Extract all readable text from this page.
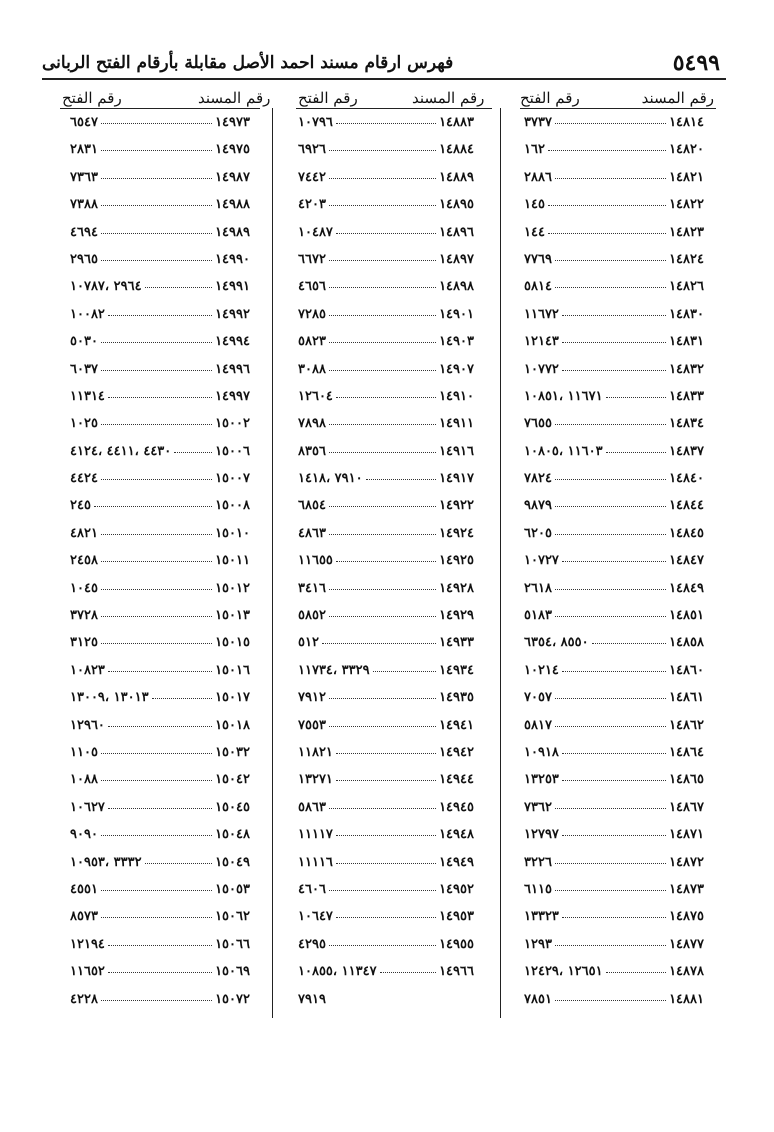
٥٤٩٩
فهرس ارقام مسند احمد الأصل مقابلة بأرقام الفتح الربانى
رقم المسند
رقم الفتح
رقم المسند
رقم الفتح
رقم المسند
رقم الفتح
٣٧٣٧	١٤٨١٤
١٦٢	١٤٨٢٠
٢٨٨٦	١٤٨٢١
١٤٥	١٤٨٢٢
١٤٤	١٤٨٢٣
٧٧٦٩	١٤٨٢٤
٥٨١٤	١٤٨٢٦
١١٦٧٢	١٤٨٣٠
١٢١٤٣	١٤٨٣١
١٠٧٧٢	١٤٨٣٢
١١٦٧١ ،١٠٨٥١	١٤٨٣٣
٧٦٥٥	١٤٨٣٤
١١٦٠٣ ،١٠٨٠٥	١٤٨٣٧
٧٨٢٤	١٤٨٤٠
٩٨٧٩	١٤٨٤٤
٦٢٠٥	١٤٨٤٥
١٠٧٢٧	١٤٨٤٧
٢٦١٨	١٤٨٤٩
٥١٨٣	١٤٨٥١
٨٥٥٠ ،٦٣٥٤	١٤٨٥٨
١٠٢١٤	١٤٨٦٠
٧٠٥٧	١٤٨٦١
٥٨١٧	١٤٨٦٢
١٠٩١٨	١٤٨٦٤
١٣٢٥٣	١٤٨٦٥
٧٣٦٢	١٤٨٦٧
١٢٧٩٧	١٤٨٧١
٣٢٢٦	١٤٨٧٢
٦١١٥	١٤٨٧٣
١٣٣٢٣	١٤٨٧٥
١٢٩٣	١٤٨٧٧
١٢٦٥١ ،١٢٤٢٩	١٤٨٧٨
٧٨٥١	١٤٨٨١
١٠٧٩٦	١٤٨٨٣
٦٩٢٦	١٤٨٨٤
٧٤٤٢	١٤٨٨٩
٤٢٠٣	١٤٨٩٥
١٠٤٨٧	١٤٨٩٦
٦٦٧٢	١٤٨٩٧
٤٦٥٦	١٤٨٩٨
٧٢٨٥	١٤٩٠١
٥٨٢٣	١٤٩٠٣
٣٠٨٨	١٤٩٠٧
١٢٦٠٤	١٤٩١٠
٧٨٩٨	١٤٩١١
٨٣٥٦	١٤٩١٦
٧٩١٠ ،١٤١٨	١٤٩١٧
٦٨٥٤	١٤٩٢٢
٤٨٦٣	١٤٩٢٤
١١٦٥٥	١٤٩٢٥
٣٤١٦	١٤٩٢٨
٥٨٥٢	١٤٩٢٩
٥١٢	١٤٩٣٣
٣٣٢٩ ،١١٧٣٤	١٤٩٣٤
٧٩١٢	١٤٩٣٥
٧٥٥٣	١٤٩٤١
١١٨٢١	١٤٩٤٢
١٣٢٧١	١٤٩٤٤
٥٨٦٣	١٤٩٤٥
١١١١٧	١٤٩٤٨
١١١١٦	١٤٩٤٩
٤٦٠٦	١٤٩٥٢
١٠٦٤٧	١٤٩٥٣
٤٢٩٥	١٤٩٥٥
١١٣٤٧ ،١٠٨٥٥	١٤٩٦٦
٧٩١٩
٦٥٤٧	١٤٩٧٣
٢٨٣١	١٤٩٧٥
٧٣٦٣	١٤٩٨٧
٧٣٨٨	١٤٩٨٨
٤٦٩٤	١٤٩٨٩
٢٩٦٥	١٤٩٩٠
٢٩٦٤ ،١٠٧٨٧	١٤٩٩١
١٠٠٨٢	١٤٩٩٢
٥٠٣٠	١٤٩٩٤
٦٠٣٧	١٤٩٩٦
١١٣١٤	١٤٩٩٧
١٠٢٥	١٥٠٠٢
٤٤٣٠ ،٤٤١١ ،٤١٢٤	١٥٠٠٦
٤٤٢٤	١٥٠٠٧
٢٤٥	١٥٠٠٨
٤٨٢١	١٥٠١٠
٢٤٥٨	١٥٠١١
١٠٤٥	١٥٠١٢
٣٧٢٨	١٥٠١٣
٣١٢٥	١٥٠١٥
١٠٨٢٣	١٥٠١٦
١٣٠١٣ ،١٣٠٠٩	١٥٠١٧
١٢٩٦٠	١٥٠١٨
١١٠٥	١٥٠٣٢
١٠٨٨	١٥٠٤٢
١٠٦٢٧	١٥٠٤٥
٩٠٩٠	١٥٠٤٨
٣٣٣٢ ،١٠٩٥٣	١٥٠٤٩
٤٥٥١	١٥٠٥٣
٨٥٧٣	١٥٠٦٢
١٢١٩٤	١٥٠٦٦
١١٦٥٢	١٥٠٦٩
٤٢٢٨	١٥٠٧٢
